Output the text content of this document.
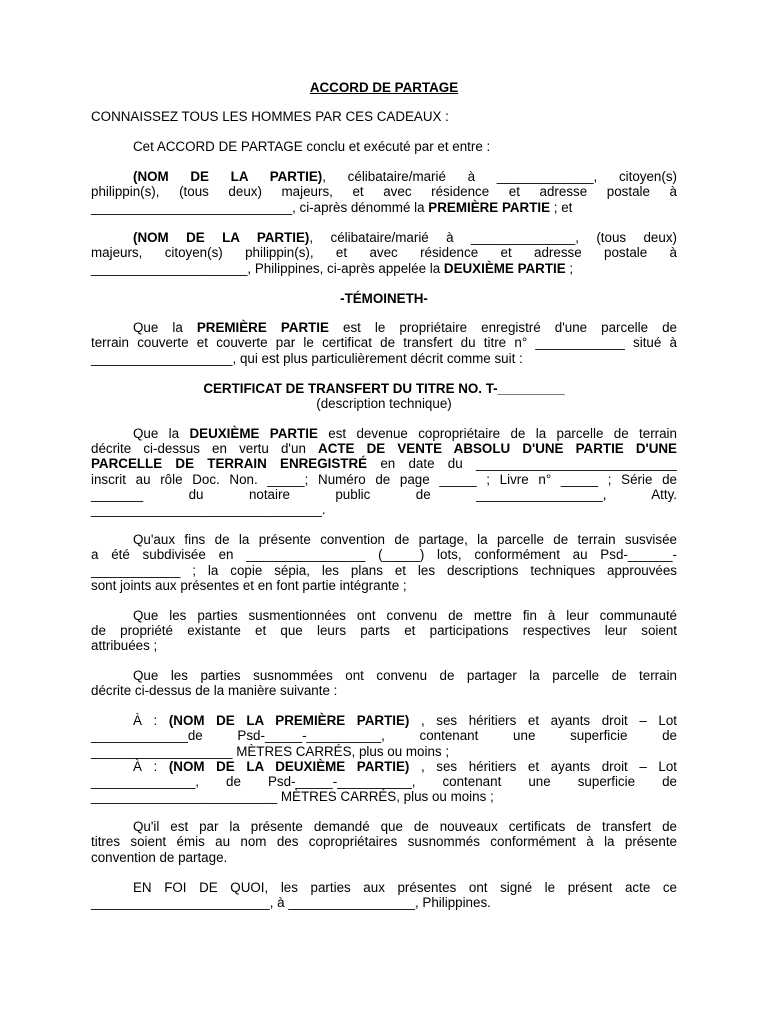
ACCORD DE PARTAGE
CONNAISSEZ TOUS LES HOMMES PAR CES CADEAUX :
Cet ACCORD DE PARTAGE conclu et exécuté par et entre :
(NOM DE LA PARTIE), célibataire/marié à _____________, citoyen(s)
philippin(s), (tous deux) majeurs, et avec résidence et adresse postale à
___________________________, ci-après dénommé la PREMIÈRE PARTIE ; et
(NOM DE LA PARTIE), célibataire/marié à ______________, (tous deux)
majeurs, citoyen(s) philippin(s), et avec résidence et adresse postale à
_____________________, Philippines, ci-après appelée la DEUXIÈME PARTIE ;
-TÉMOINETH-
Que la PREMIÈRE PARTIE est le propriétaire enregistré d'une parcelle de
terrain couverte et couverte par le certificat de transfert du titre n° ____________ situé à
___________________, qui est plus particulièrement décrit comme suit :
CERTIFICAT DE TRANSFERT DU TITRE NO. T-_________
(description technique)
Que la DEUXIÈME PARTIE est devenue copropriétaire de la parcelle de terrain
décrite ci-dessus en vertu d'un ACTE DE VENTE ABSOLU D'UNE PARTIE D'UNE
PARCELLE DE TERRAIN ENREGISTRÉ en date du ___________________________
inscrit au rôle Doc. Non. _____; Numéro de page _____ ; Livre n° _____ ; Série de
_______ du notaire public de _________________, Atty.
_______________________________.
Qu'aux fins de la présente convention de partage, la parcelle de terrain susvisée
a été subdivisée en ________________ (_____) lots, conformément au Psd-______-
____________ ; la copie sépia, les plans et les descriptions techniques approuvées
sont joints aux présentes et en font partie intégrante ;
Que les parties susmentionnées ont convenu de mettre fin à leur communauté
de propriété existante et que leurs parts et participations respectives leur soient
attribuées ;
Que les parties susnommées ont convenu de partager la parcelle de terrain
décrite ci-dessus de la manière suivante :
À : (NOM DE LA PREMIÈRE PARTIE) , ses héritiers et ayants droit – Lot
_____________de Psd-_____-__________, contenant une superficie de
___________________ MÈTRES CARRÉS, plus ou moins ;
À : (NOM DE LA DEUXIÈME PARTIE) , ses héritiers et ayants droit – Lot
______________, de Psd-_____-__________, contenant une superficie de
_________________________ MÈTRES CARRÉS, plus ou moins ;
Qu'il est par la présente demandé que de nouveaux certificats de transfert de
titres soient émis au nom des copropriétaires susnommés conformément à la présente
convention de partage.
EN FOI DE QUOI, les parties aux présentes ont signé le présent acte ce
________________________, à _________________, Philippines.
